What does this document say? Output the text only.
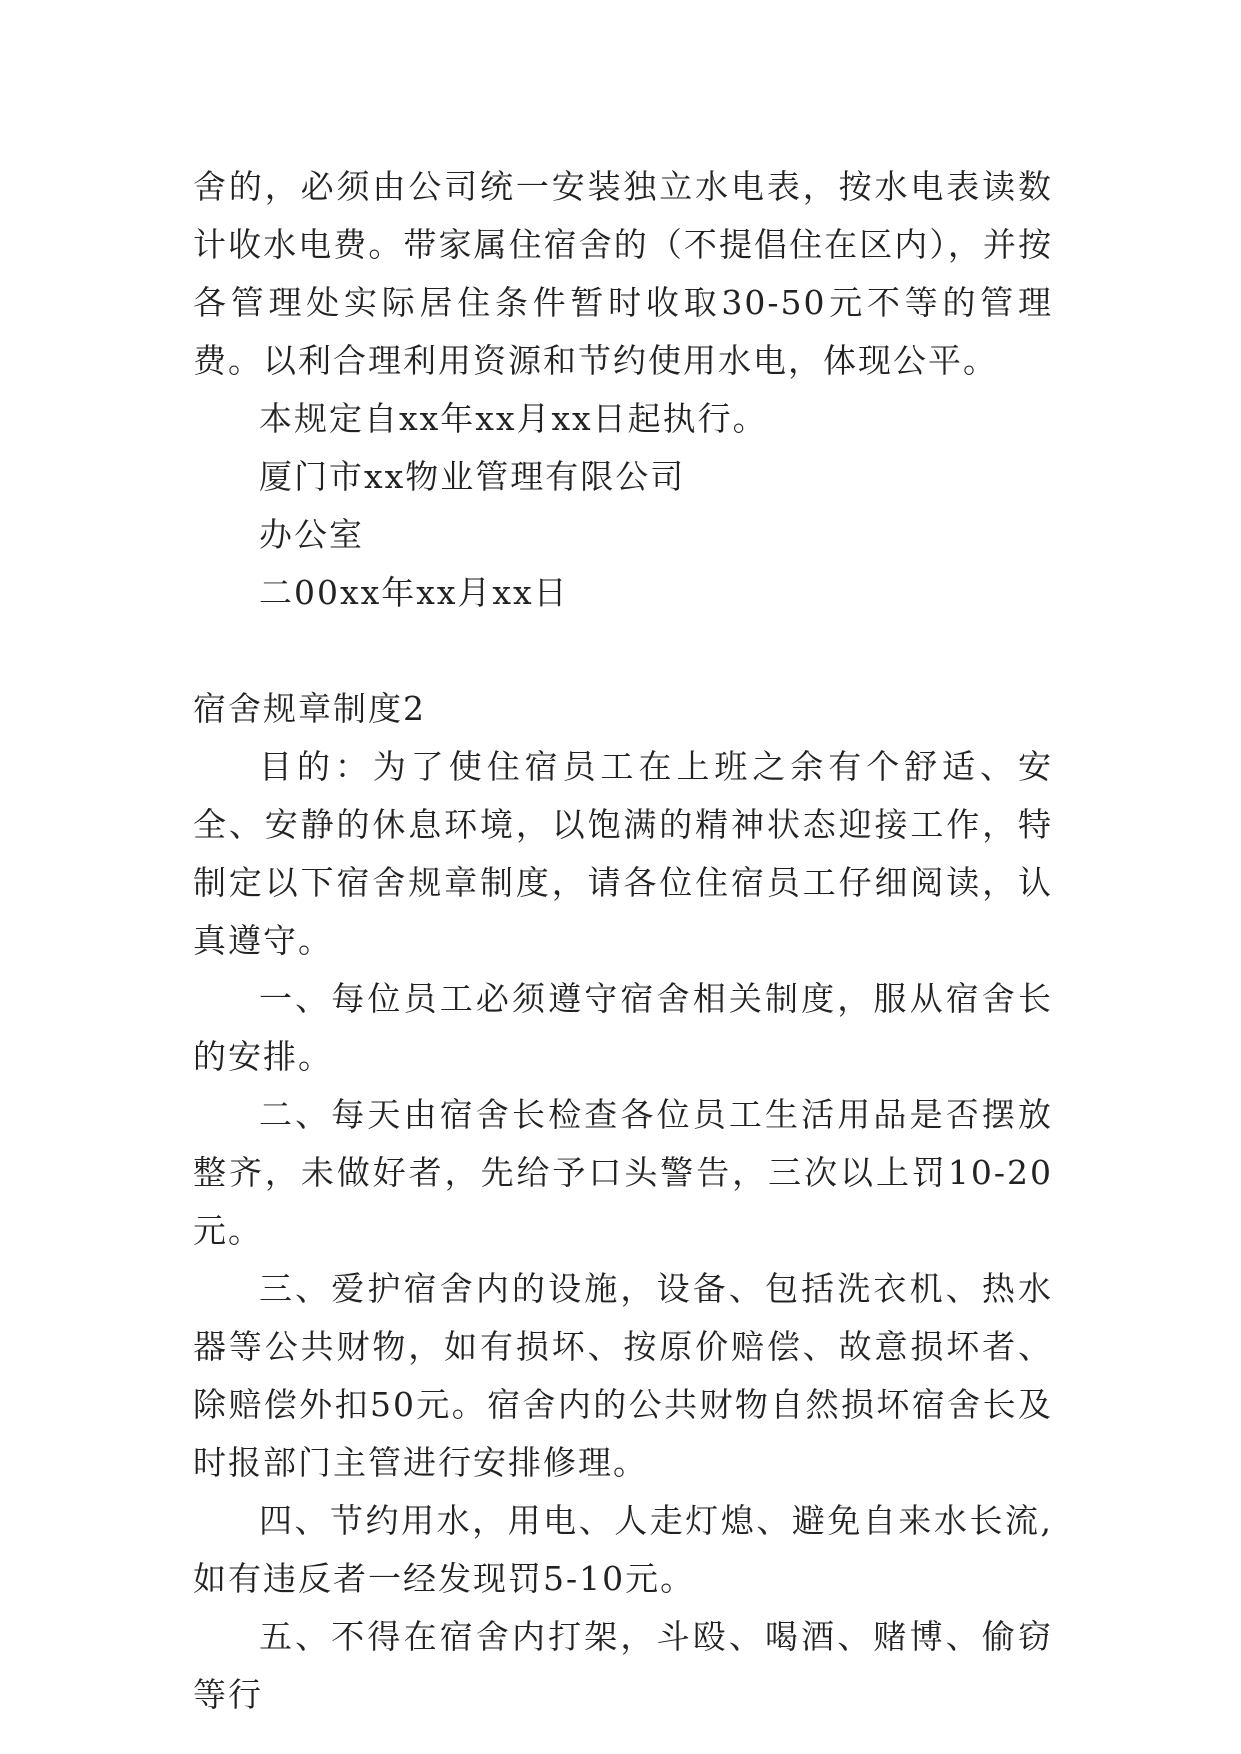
舍的，必须由公司统一安装独立水电表，按水电表读数计收水电费。带家属住宿舍的（不提倡住在区内），并按各管理处实际居住条件暂时收取30-50元不等的管理费。以利合理利用资源和节约使用水电，体现公平。

本规定自xx年xx月xx日起执行。

厦门市xx物业管理有限公司

办公室

二00xx年xx月xx日

宿舍规章制度2

目的：为了使住宿员工在上班之余有个舒适、安全、安静的休息环境，以饱满的精神状态迎接工作，特制定以下宿舍规章制度，请各位住宿员工仔细阅读，认真遵守。

一、每位员工必须遵守宿舍相关制度，服从宿舍长的安排。

二、每天由宿舍长检查各位员工生活用品是否摆放整齐，未做好者，先给予口头警告，三次以上罚10-20元。

三、爱护宿舍内的设施，设备、包括洗衣机、热水器等公共财物，如有损坏、按原价赔偿、故意损坏者、除赔偿外扣50元。宿舍内的公共财物自然损坏宿舍长及时报部门主管进行安排修理。

四、节约用水，用电、人走灯熄、避免自来水长流,如有违反者一经发现罚5-10元。

五、不得在宿舍内打架，斗殴、喝酒、赌博、偷窃等行
